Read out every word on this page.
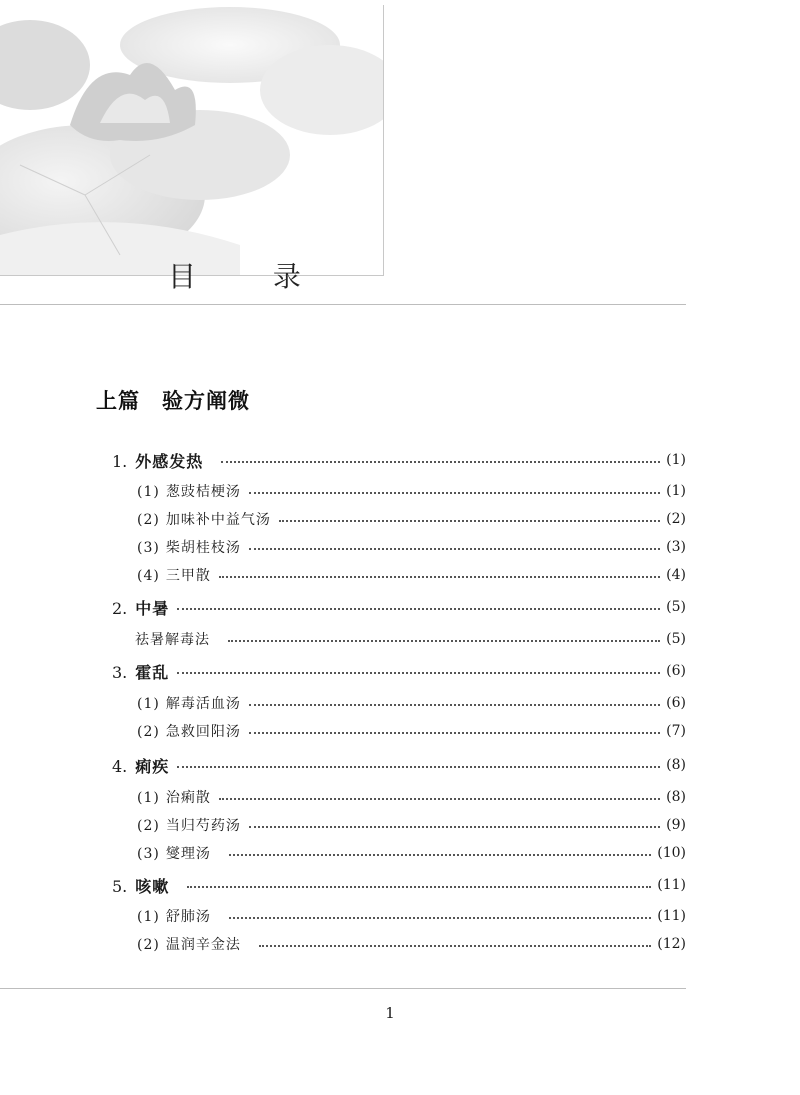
目 录
上篇　验方阐微
1. 外感发热	(1)
(1) 葱豉桔梗汤	(1)
(2) 加味补中益气汤	(2)
(3) 柴胡桂枝汤	(3)
(4) 三甲散	(4)
2. 中暑	(5)
祛暑解毒法	(5)
3. 霍乱	(6)
(1) 解毒活血汤	(6)
(2) 急救回阳汤	(7)
4. 痢疾	(8)
(1) 治痢散	(8)
(2) 当归芍药汤	(9)
(3) 燮理汤	(10)
5. 咳嗽	(11)
(1) 舒肺汤	(11)
(2) 温润辛金法	(12)
1
